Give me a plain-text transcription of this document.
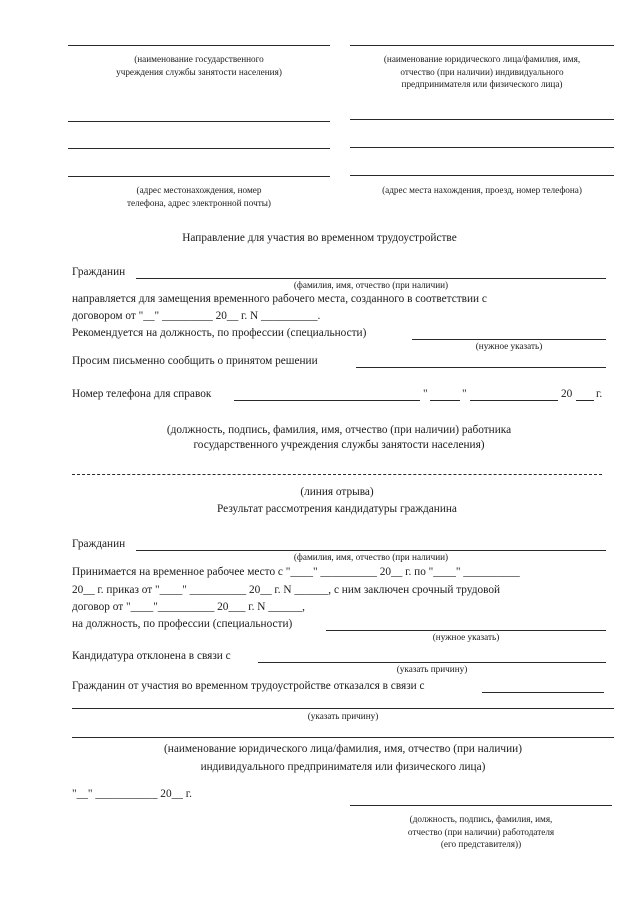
(наименование государственного
учреждения службы занятости населения)
(наименование юридического лица/фамилия, имя,
отчество (при наличии) индивидуального
предпринимателя или физического лица)
(адрес местонахождения, номер
телефона, адрес электронной почты)
(адрес места нахождения, проезд, номер телефона)
Направление для участия во временном трудоустройстве
Гражданин
(фамилия, имя, отчество (при наличии)
направляется для замещения временного рабочего места, созданного в соответствии с
договором от "__" _________ 20__ г. N __________.
Рекомендуется на должность, по профессии (специальности)
(нужное указать)
Просим письменно сообщить о принятом решении
Номер телефона для справок	"	"	20 г.
(должность, подпись, фамилия, имя, отчество (при наличии) работника
государственного учреждения службы занятости населения)
(линия отрыва)
Результат рассмотрения кандидатуры гражданина
Гражданин
(фамилия, имя, отчество (при наличии)
Принимается на временное рабочее место с "____" __________ 20__ г. по "____" __________
20__ г. приказ от "____" __________ 20__ г. N ______, с ним заключен срочный трудовой
договор от "____"__________ 20___ г. N ______,
на должность, по профессии (специальности)
(нужное указать)
Кандидатура отклонена в связи с
(указать причину)
Гражданин от участия во временном трудоустройстве отказался в связи с
(указать причину)
(наименование юридического лица/фамилия, имя, отчество (при наличии)
индивидуального предпринимателя или физического лица)
"__" ___________ 20__ г.
(должность, подпись, фамилия, имя,
отчество (при наличии) работодателя
(его представителя))
